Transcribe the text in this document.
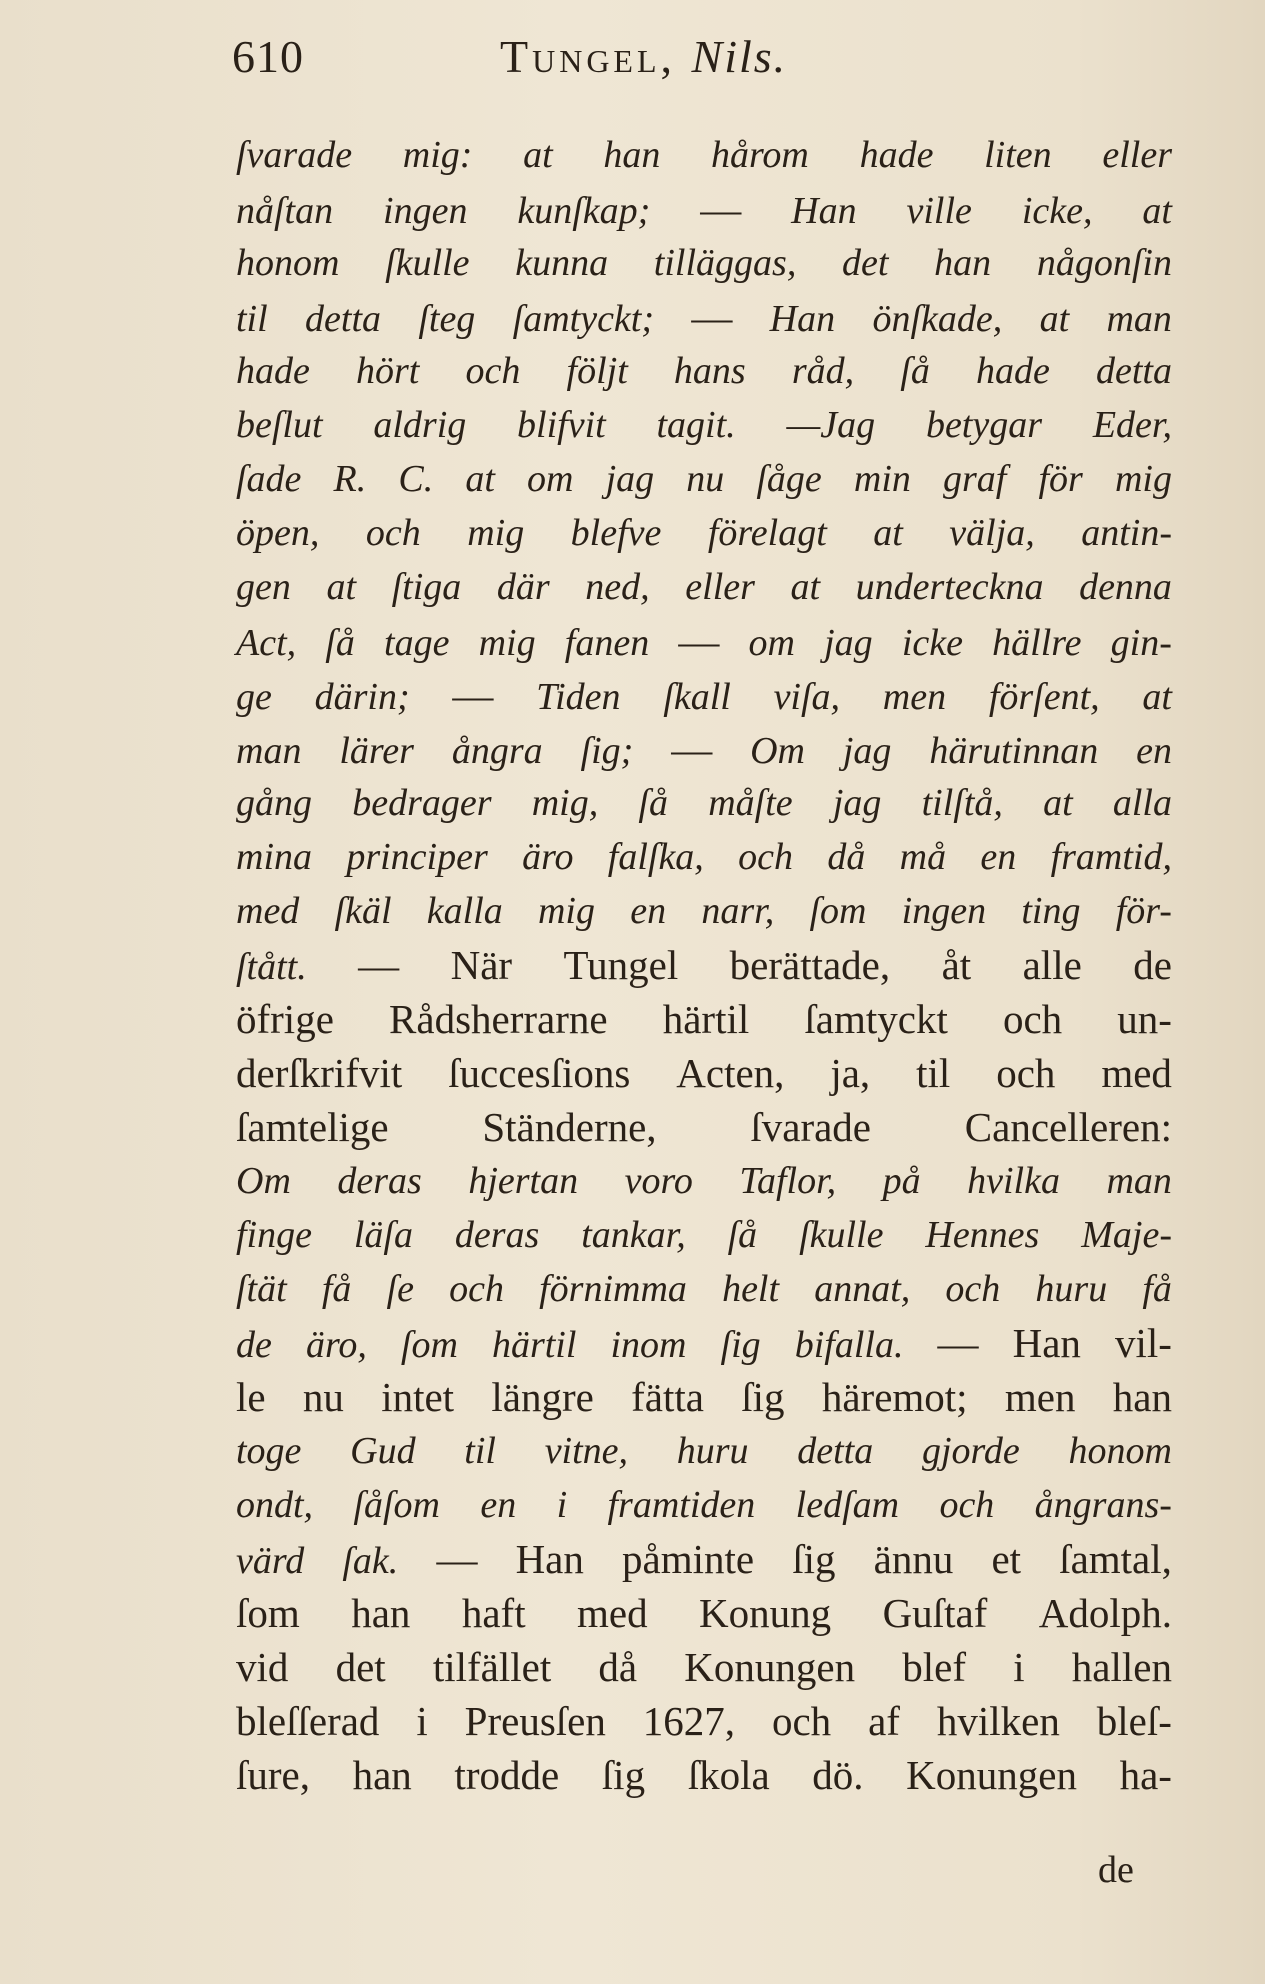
610	Tungel, Nils.
ſvarade mig: at han hårom hade liten eller
nåſtan ingen kunſkap; — Han ville icke, at
honom ſkulle kunna tilläggas, det han någonſin
til detta ſteg ſamtyckt; — Han önſkade, at man
hade hört och följt hans råd, ſå hade detta
beſlut aldrig blifvit tagit. —Jag betygar Eder,
ſade R. C. at om jag nu ſåge min graf för mig
öpen, och mig blefve förelagt at välja, antin-
gen at ſtiga där ned, eller at underteckna denna
Act, ſå tage mig fanen — om jag icke hällre gin-
ge därin; — Tiden ſkall viſa, men förſent, at
man lärer ångra ſig; — Om jag härutinnan en
gång bedrager mig, ſå måſte jag tilſtå, at alla
mina principer äro falſka, och då må en framtid,
med ſkäl kalla mig en narr, ſom ingen ting för-
ſtått. — När Tungel berättade, åt alle de
öfrige Rådsherrarne härtil ſamtyckt och un-
derſkrifvit ſuccesſions Acten, ja, til och med
ſamtelige Ständerne, ſvarade Cancelleren:
Om deras hjertan voro Taflor, på hvilka man
finge läſa deras tankar, ſå ſkulle Hennes Maje-
ſtät få ſe och förnimma helt annat, och huru få
de äro, ſom härtil inom ſig bifalla. — Han vil-
le nu intet längre fätta ſig häremot; men han
toge Gud til vitne, huru detta gjorde honom
ondt, ſåſom en i framtiden ledſam och ångrans-
värd ſak. — Han påminte ſig ännu et ſamtal,
ſom han haft med Konung Guſtaf Adolph.
vid det tilfället då Konungen blef i hallen
bleſſerad i Preusſen 1627, och af hvilken bleſ-
ſure, han trodde ſig ſkola dö. Konungen ha-
de
